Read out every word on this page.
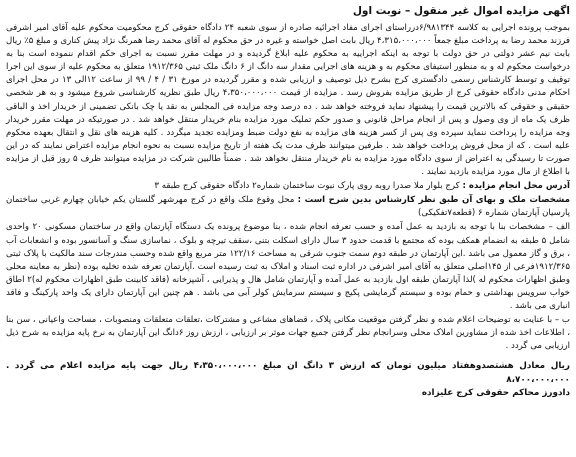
اگهی مزایده اموال غیر منقول – نوبت اول

بموجب پرونده اجرایی به کلاسه ۶/۹۸۱۳۴۴درراستای اجرای مفاد اجرائیه صادره از سوی شعبه ۲۴ دادگاه حقوقی کرج محکومیت محکوم علیه آقای امیر اشرفی فرزند محمد رضا به پرداخت مبلغ جمعاً ۴،۳۱۵،۰۰۰،۰۰۰ ریال بابت اصل خواسته و غیره در حق محکوم له آقای محمد رضا همرنگ نژاد پیش کناری و مبلغ ۵٪ ریال بابت نیم عشر دولتی در حق دولت با توجه به اینکه اجراییه به محکوم علیه ابلاغ گردیده و در مهلت مقرر نسبت به اجرای حکم اقدام ننموده است بنا به درخواست محکوم له و به منظور استیفای محکوم به و هزینه های اجرایی مقدار سه دانگ از ۶ دانگ ملک ثبتی ۱۹۱۲/۳۶۵ متعلق به محکوم علیه از سوی این اجرا توقیف و توسط کارشناس رسمی دادگستری کرج بشرح ذیل توصیف و ارزیابی شده و مقرر گردیده در مورخ ۳۱ / ۴ / ۹۹ از ساعت ۱۲الی ۱۳ در محل اجرای احکام مدنی دادگاه حقوقی کرج از طریق مزایده بفروش رسد . مزایده از قیمت ۴،۳۵۰،۰۰۰،۰۰۰ ریال طبق نظریه کارشناسی شروع میشود و به هر شخصی حقیقی و حقوقی که بالاترین قیمت را پیشنهاد نماید فروخته خواهد شد . ده درصد وجه مزایده فی المجلس به نقد یا چک بانکی تضمینی از خریدار اخذ و الباقی ظرف یک ماه از وی وصول و پس از انجام مراحل قانونی و صدور حکم تملیک مورد مزایده بنام خریدار منتقل خواهد شد . در صورتیکه در مهلت مقرر خریدار وجه مزایده را پرداخت ننماید سپرده وی پس از کسر هزینه های مزایده به نفع دولت ضبط ومزایده تجدید میگردد . کلیه هزینه های نقل و انتقال بعهده محکوم علیه است . که از محل فروش پرداخت خواهد شد . طرفین میتوانند ظرف مدت یک هفته از تاریخ مزایده نسبت به نحوه انجام مزایده اعتراض نمایند که در این صورت تا رسیدگی به اعتراض از سوی دادگاه مورد مزایده به نام خریدار منتقل نخواهد شد . ضمناً طالبین شرکت در مزایده میتوانند ظرف ۵ روز قبل از مزایده با اطلاع از مال مورد مزایده بازدید نمایند .

آدرس محل انجام مزایده : کرج بلوار ملا صدرا روبه روی پارک نبوت ساختمان شماره۲ دادگاه حقوقی کرج طبقه ۳

مشخصات ملک و بهای آن طبق نظر کارشناس بدین شرح است : محل وقوع ملک واقع در کرج مهرشهر گلستان یکم خیابان چهارم غربی ساختمان پارسیان آپارتمان شماره ۶ (قطعه۷تفکیکی)

الف – مشخصات بنا با توجه به بازدید به عمل آمده و حسب تعرفه انجام شده ، بنا موضوع پرونده یک دستگاه آپارتمان واقع در ساختمان مسکونی ۲۰ واحدی شامل ۵ طبقه به انضمام همکف بوده که مجتمع با قدمت حدود ۳ سال دارای اسکلت بتنی ،سقف تیرچه و بلوک ، نماسازی سنگ و آسانسور بوده و انشعابات آب ، برق و گاز معمول می باشد .این آپارتمان در طبقه دوم سمت جنوب شرقی به مساحت ۱۲۲/۱۶ متر مربع واقع شده وحسب مندرجات سند مالکیت با پلاک ثبتی ۱۹۱۲/۳۶۵فرعی از ۱۴۵اصلی متعلق به آقای امیر اشرفی در اداره ثبت اسناد و املاک به ثبت رسیده است .آپارتمان تعرفه شده تخلیه بوده (نظر به معاینه محلی وطبق اظهارات محکوم له )لذا آپارتمان طبقه اول بازدید به عمل آمده و آپارتمان شامل هال و پذیرایی ، آشپزخانه (فاقد کابینت طبق اظهارات محکوم له)۲ اطاق خواب سرویس بهداشتی و حمام بوده و سیستم گرمایشی پکیج و سیستم سرمایش کولر آبی می باشد . هم چنین این آپارتمان دارای یک واحد پارکینگ و فاقد انباری می باشد .

ب – با عنایت به توضیحات اعلام شده و نظر گرفتن موقعیت مکانی پلاک ، قضاهای مشاعی و مشترکات ،تعلقات متعلقات ومنصوبات ، مساحت واعیانی ، سن بنا ، اطلاعات اخذ شده از مشاورین املاک محلی وسرانجام نظر گرفتن جمیع جهات موثر بر ارزیابی ، ارزش روز ۶دانگ این آپارتمان به نرخ پایه مزایده به شرح ذیل ارزیابی می گردد .

ریال معادل هشتصدوهفتاد میلیون تومان که ارزش ۳ دانگ ان مبلغ ۴،۳۵۰،۰۰۰،۰۰۰ ریال جهت پایه مزایده اعلام می گردد . ۸،۷۰۰،۰۰۰،۰۰۰

دادورز محاکم حقوقی کرج علیزاده
